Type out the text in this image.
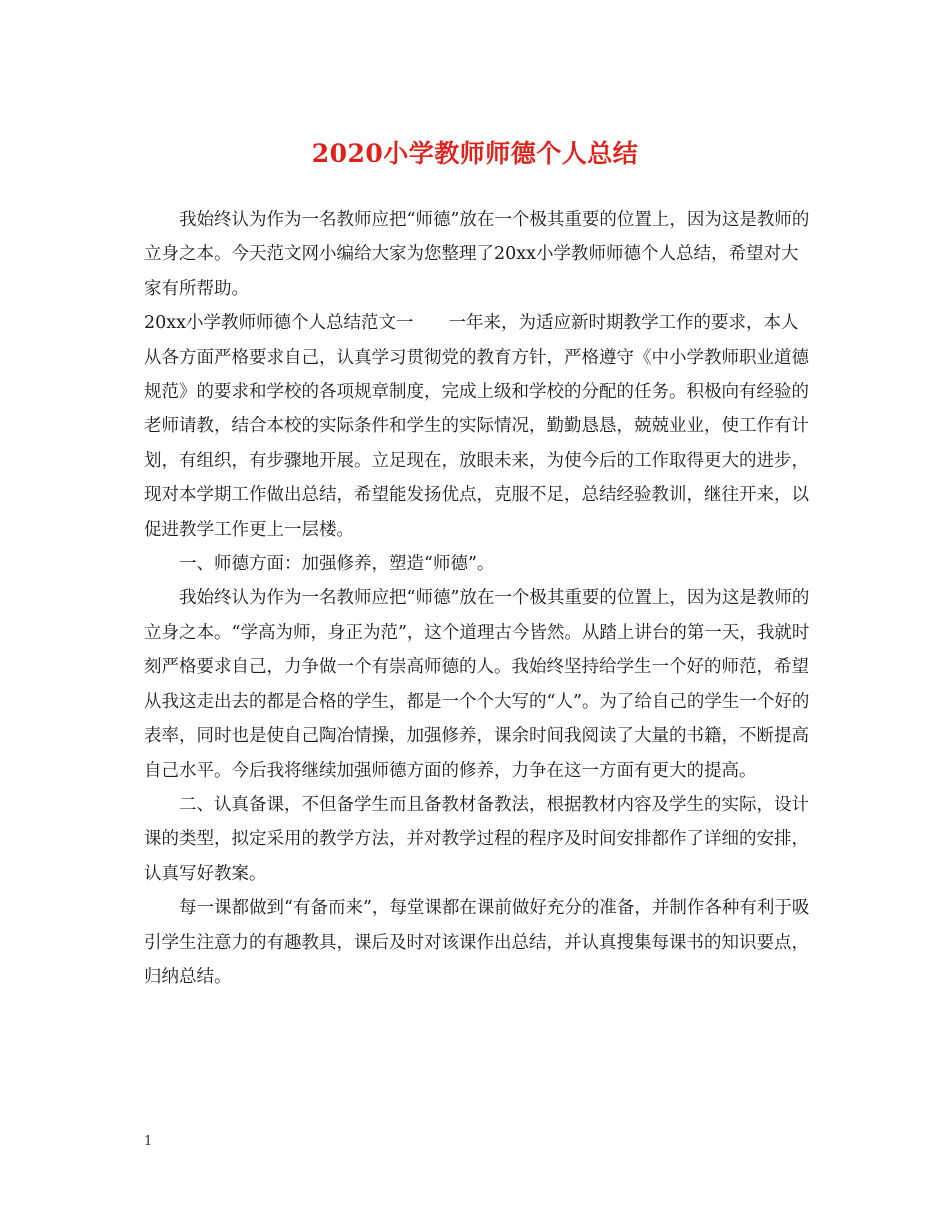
2020小学教师师德个人总结

我始终认为作为一名教师应把“师德”放在一个极其重要的位置上，因为这是教师的立身之本。今天范文网小编给大家为您整理了20xx小学教师师德个人总结，希望对大家有所帮助。

20xx小学教师师德个人总结范文一　　一年来，为适应新时期教学工作的要求，本人从各方面严格要求自己，认真学习贯彻党的教育方针，严格遵守《中小学教师职业道德规范》的要求和学校的各项规章制度，完成上级和学校的分配的任务。积极向有经验的老师请教，结合本校的实际条件和学生的实际情况，勤勤恳恳，兢兢业业，使工作有计划，有组织，有步骤地开展。立足现在，放眼未来，为使今后的工作取得更大的进步，现对本学期工作做出总结，希望能发扬优点，克服不足，总结经验教训，继往开来，以促进教学工作更上一层楼。

一、师德方面：加强修养，塑造“师德”。

我始终认为作为一名教师应把“师德”放在一个极其重要的位置上，因为这是教师的立身之本。“学高为师，身正为范”，这个道理古今皆然。从踏上讲台的第一天，我就时刻严格要求自己，力争做一个有崇高师德的人。我始终坚持给学生一个好的师范，希望从我这走出去的都是合格的学生，都是一个个大写的“人”。为了给自己的学生一个好的表率，同时也是使自己陶冶情操，加强修养，课余时间我阅读了大量的书籍，不断提高自己水平。今后我将继续加强师德方面的修养，力争在这一方面有更大的提高。

二、认真备课，不但备学生而且备教材备教法，根据教材内容及学生的实际，设计课的类型，拟定采用的教学方法，并对教学过程的程序及时间安排都作了详细的安排，认真写好教案。

每一课都做到“有备而来”，每堂课都在课前做好充分的准备，并制作各种有利于吸引学生注意力的有趣教具，课后及时对该课作出总结，并认真搜集每课书的知识要点，归纳总结。

1
